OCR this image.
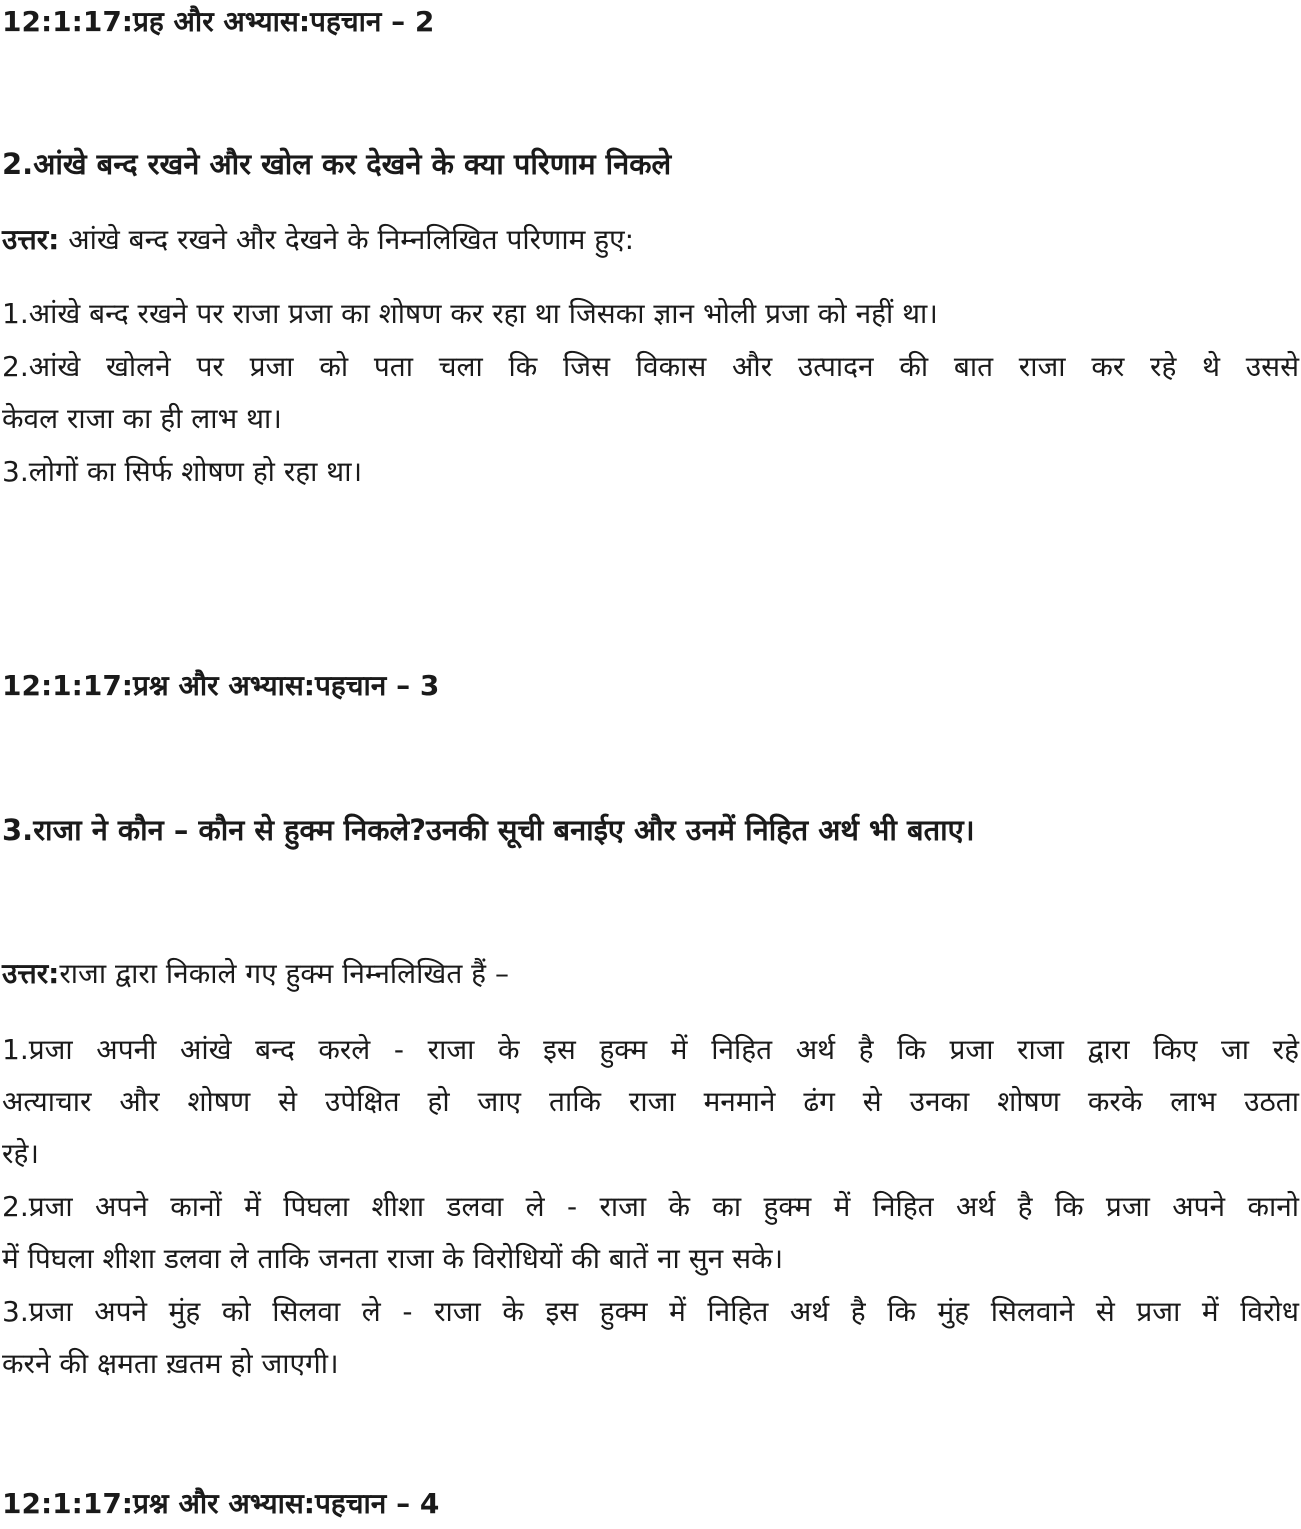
12:1:17:प्रह और अभ्यास:पहचान – 2
2.आंखे बन्द रखने और खोल कर देखने के क्या परिणाम निकले
उत्तर: आंखे बन्द रखने और देखने के निम्नलिखित परिणाम हुए:
1.आंखे बन्द रखने पर राजा प्रजा का शोषण कर रहा था जिसका ज्ञान भोली प्रजा को नहीं था।
2.आंखे खोलने पर प्रजा को पता चला कि जिस विकास और उत्पादन की बात राजा कर रहे थे उससे
केवल राजा का ही लाभ था।
3.लोगों का सिर्फ शोषण हो रहा था।
12:1:17:प्रश्न और अभ्यास:पहचान – 3
3.राजा ने कौन – कौन से हुक्म निकले?उनकी सूची बनाईए और उनमें निहित अर्थ भी बताए।
उत्तर:राजा द्वारा निकाले गए हुक्म निम्नलिखित हैं –
1.प्रजा अपनी आंखे बन्द करले - राजा के इस हुक्म में निहित अर्थ है कि प्रजा राजा द्वारा किए जा रहे
अत्याचार और शोषण से उपेक्षित हो जाए ताकि राजा मनमाने ढंग से उनका शोषण करके लाभ उठता
रहे।
2.प्रजा अपने कानों में पिघला शीशा डलवा ले - राजा के का हुक्म में निहित अर्थ है कि प्रजा अपने कानो
में पिघला शीशा डलवा ले ताकि जनता राजा के विरोधियों की बातें ना सुन सके।
3.प्रजा अपने मुंह को सिलवा ले - राजा के इस हुक्म में निहित अर्थ है कि मुंह सिलवाने से प्रजा में विरोध
करने की क्षमता ख़तम हो जाएगी।
12:1:17:प्रश्न और अभ्यास:पहचान – 4
